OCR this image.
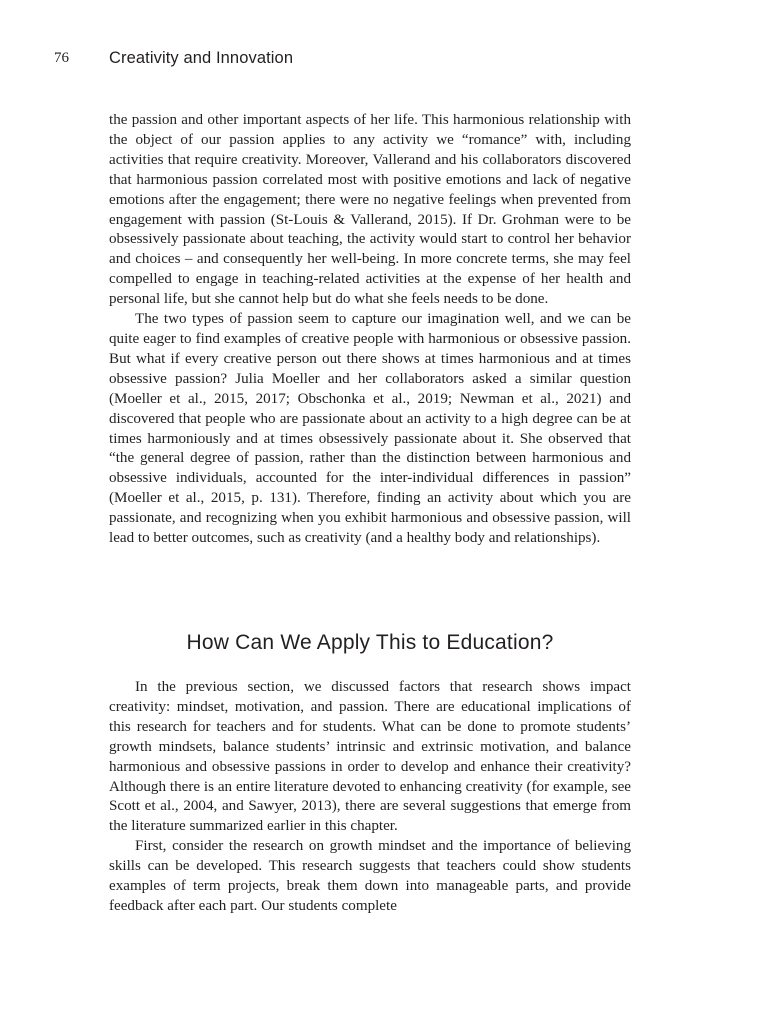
76 Creativity and Innovation

the passion and other important aspects of her life. This harmonious relationship with the object of our passion applies to any activity we “romance” with, including activities that require creativity. Moreover, Vallerand and his collaborators discovered that harmonious passion correlated most with positive emotions and lack of negative emotions after the engagement; there were no negative feelings when prevented from engagement with passion (St-Louis & Vallerand, 2015). If Dr. Grohman were to be obsessively passionate about teaching, the activity would start to control her behavior and choices – and consequently her well-being. In more concrete terms, she may feel compelled to engage in teaching-related activities at the expense of her health and personal life, but she cannot help but do what she feels needs to be done.

The two types of passion seem to capture our imagination well, and we can be quite eager to find examples of creative people with harmonious or obsessive passion. But what if every creative person out there shows at times harmonious and at times obsessive passion? Julia Moeller and her collaborators asked a similar question (Moeller et al., 2015, 2017; Obschonka et al., 2019; Newman et al., 2021) and discovered that people who are passionate about an activity to a high degree can be at times harmoniously and at times obsessively passionate about it. She observed that “the general degree of passion, rather than the distinction between harmonious and obsessive individuals, accounted for the inter-individual differences in passion” (Moeller et al., 2015, p. 131). Therefore, finding an activity about which you are passionate, and recognizing when you exhibit harmonious and obsessive passion, will lead to better outcomes, such as creativity (and a healthy body and relationships).

How Can We Apply This to Education?

In the previous section, we discussed factors that research shows impact creativity: mindset, motivation, and passion. There are educational implications of this research for teachers and for students. What can be done to promote students’ growth mindsets, balance students’ intrinsic and extrinsic motivation, and balance harmonious and obsessive passions in order to develop and enhance their creativity? Although there is an entire literature devoted to enhancing creativity (for example, see Scott et al., 2004, and Sawyer, 2013), there are several suggestions that emerge from the literature summarized earlier in this chapter.

First, consider the research on growth mindset and the importance of believing skills can be developed. This research suggests that teachers could show students examples of term projects, break them down into manageable parts, and provide feedback after each part. Our students complete
